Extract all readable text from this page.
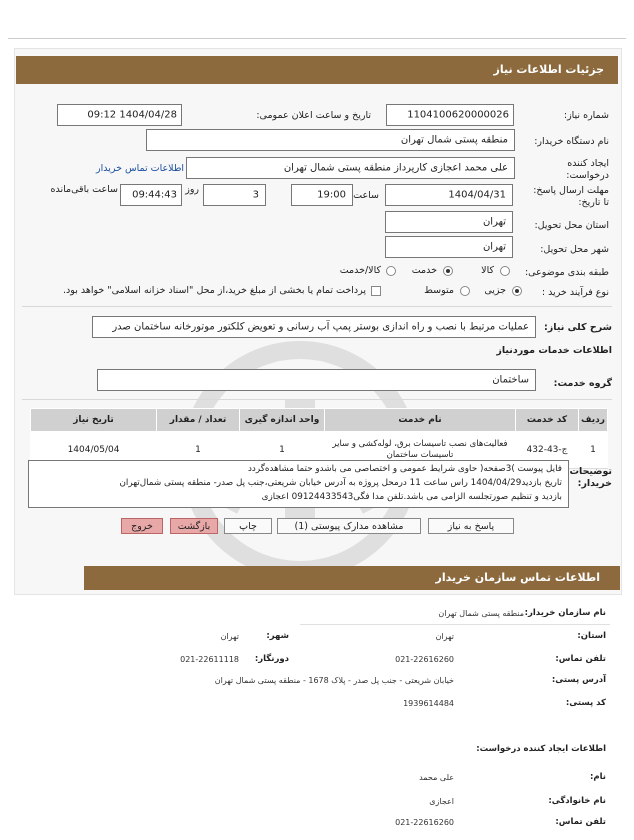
جزئیات اطلاعات نیاز
شماره نیاز:
1104100620000026
تاریخ و ساعت اعلان عمومی:
1404/04/28 09:12
نام دستگاه خریدار:
منطقه پستی شمال تهران
ایجاد کننده درخواست:
علی محمد اعجازی کارپرداز منطقه پستی شمال تهران
اطلاعات تماس خریدار
مهلت ارسال پاسخ: تا تاریخ:
1404/04/31
ساعت
19:00
3
روز
09:44:43
ساعت باقی‌مانده
استان محل تحویل:
تهران
شهر محل تحویل:
تهران
طبقه بندی موضوعی:
کالا
خدمت
کالا/خدمت
نوع فرآیند خرید :
جزیی
متوسط
پرداخت تمام یا بخشی از مبلغ خرید،از محل "اسناد خزانه اسلامی" خواهد بود.
شرح کلی نیاز:
عملیات مرتبط با نصب و راه اندازی بوستر پمپ آب رسانی و تعویض کلکتور موتورخانه ساختمان صدر
اطلاعات خدمات موردنیاز
گروه خدمت:
ساختمان
ردیف	کد خدمت	نام خدمت	واحد اندازه گیری	تعداد / مقدار	تاریخ نیاز
1	ج-43-432	فعالیت‌های نصب تاسیسات برق، لوله‌کشی و سایر تاسیسات ساختمان	1	1	1404/05/04
توضیحات خریدار:
فایل پیوست )3صفحه( حاوی شرایط عمومی و اختصاصی می باشدو حتما مشاهده‌گردد
تاریخ بازدید1404/04/29 راس ساعت 11 درمحل پروژه به آدرس خیابان شریعتی،جنب پل صدر- منطقه پستی شمال‌تهران
بازدید و تنظیم صورتجلسه الزامی می باشد.تلفن مدا فگی09124433543 اعجازی
پاسخ به نیاز
مشاهده مدارک پیوستی (1)
چاپ
بازگشت
خروج
اطلاعات تماس سازمان خریدار
نام سازمان خریدار:
منطقه پستی شمال تهران
استان:
تهران
شهر:
تهران
تلفن تماس:
021-22616260
دورنگار:
021-22611118
آدرس پستی:
خیابان شریعتی - جنب پل صدر - پلاک 1678 - منطقه پستی شمال تهران
کد پستی:
1939614484
اطلاعات ایجاد کننده درخواست:
نام:
علی محمد
نام خانوادگی:
اعجازی
تلفن تماس:
021-22616260
